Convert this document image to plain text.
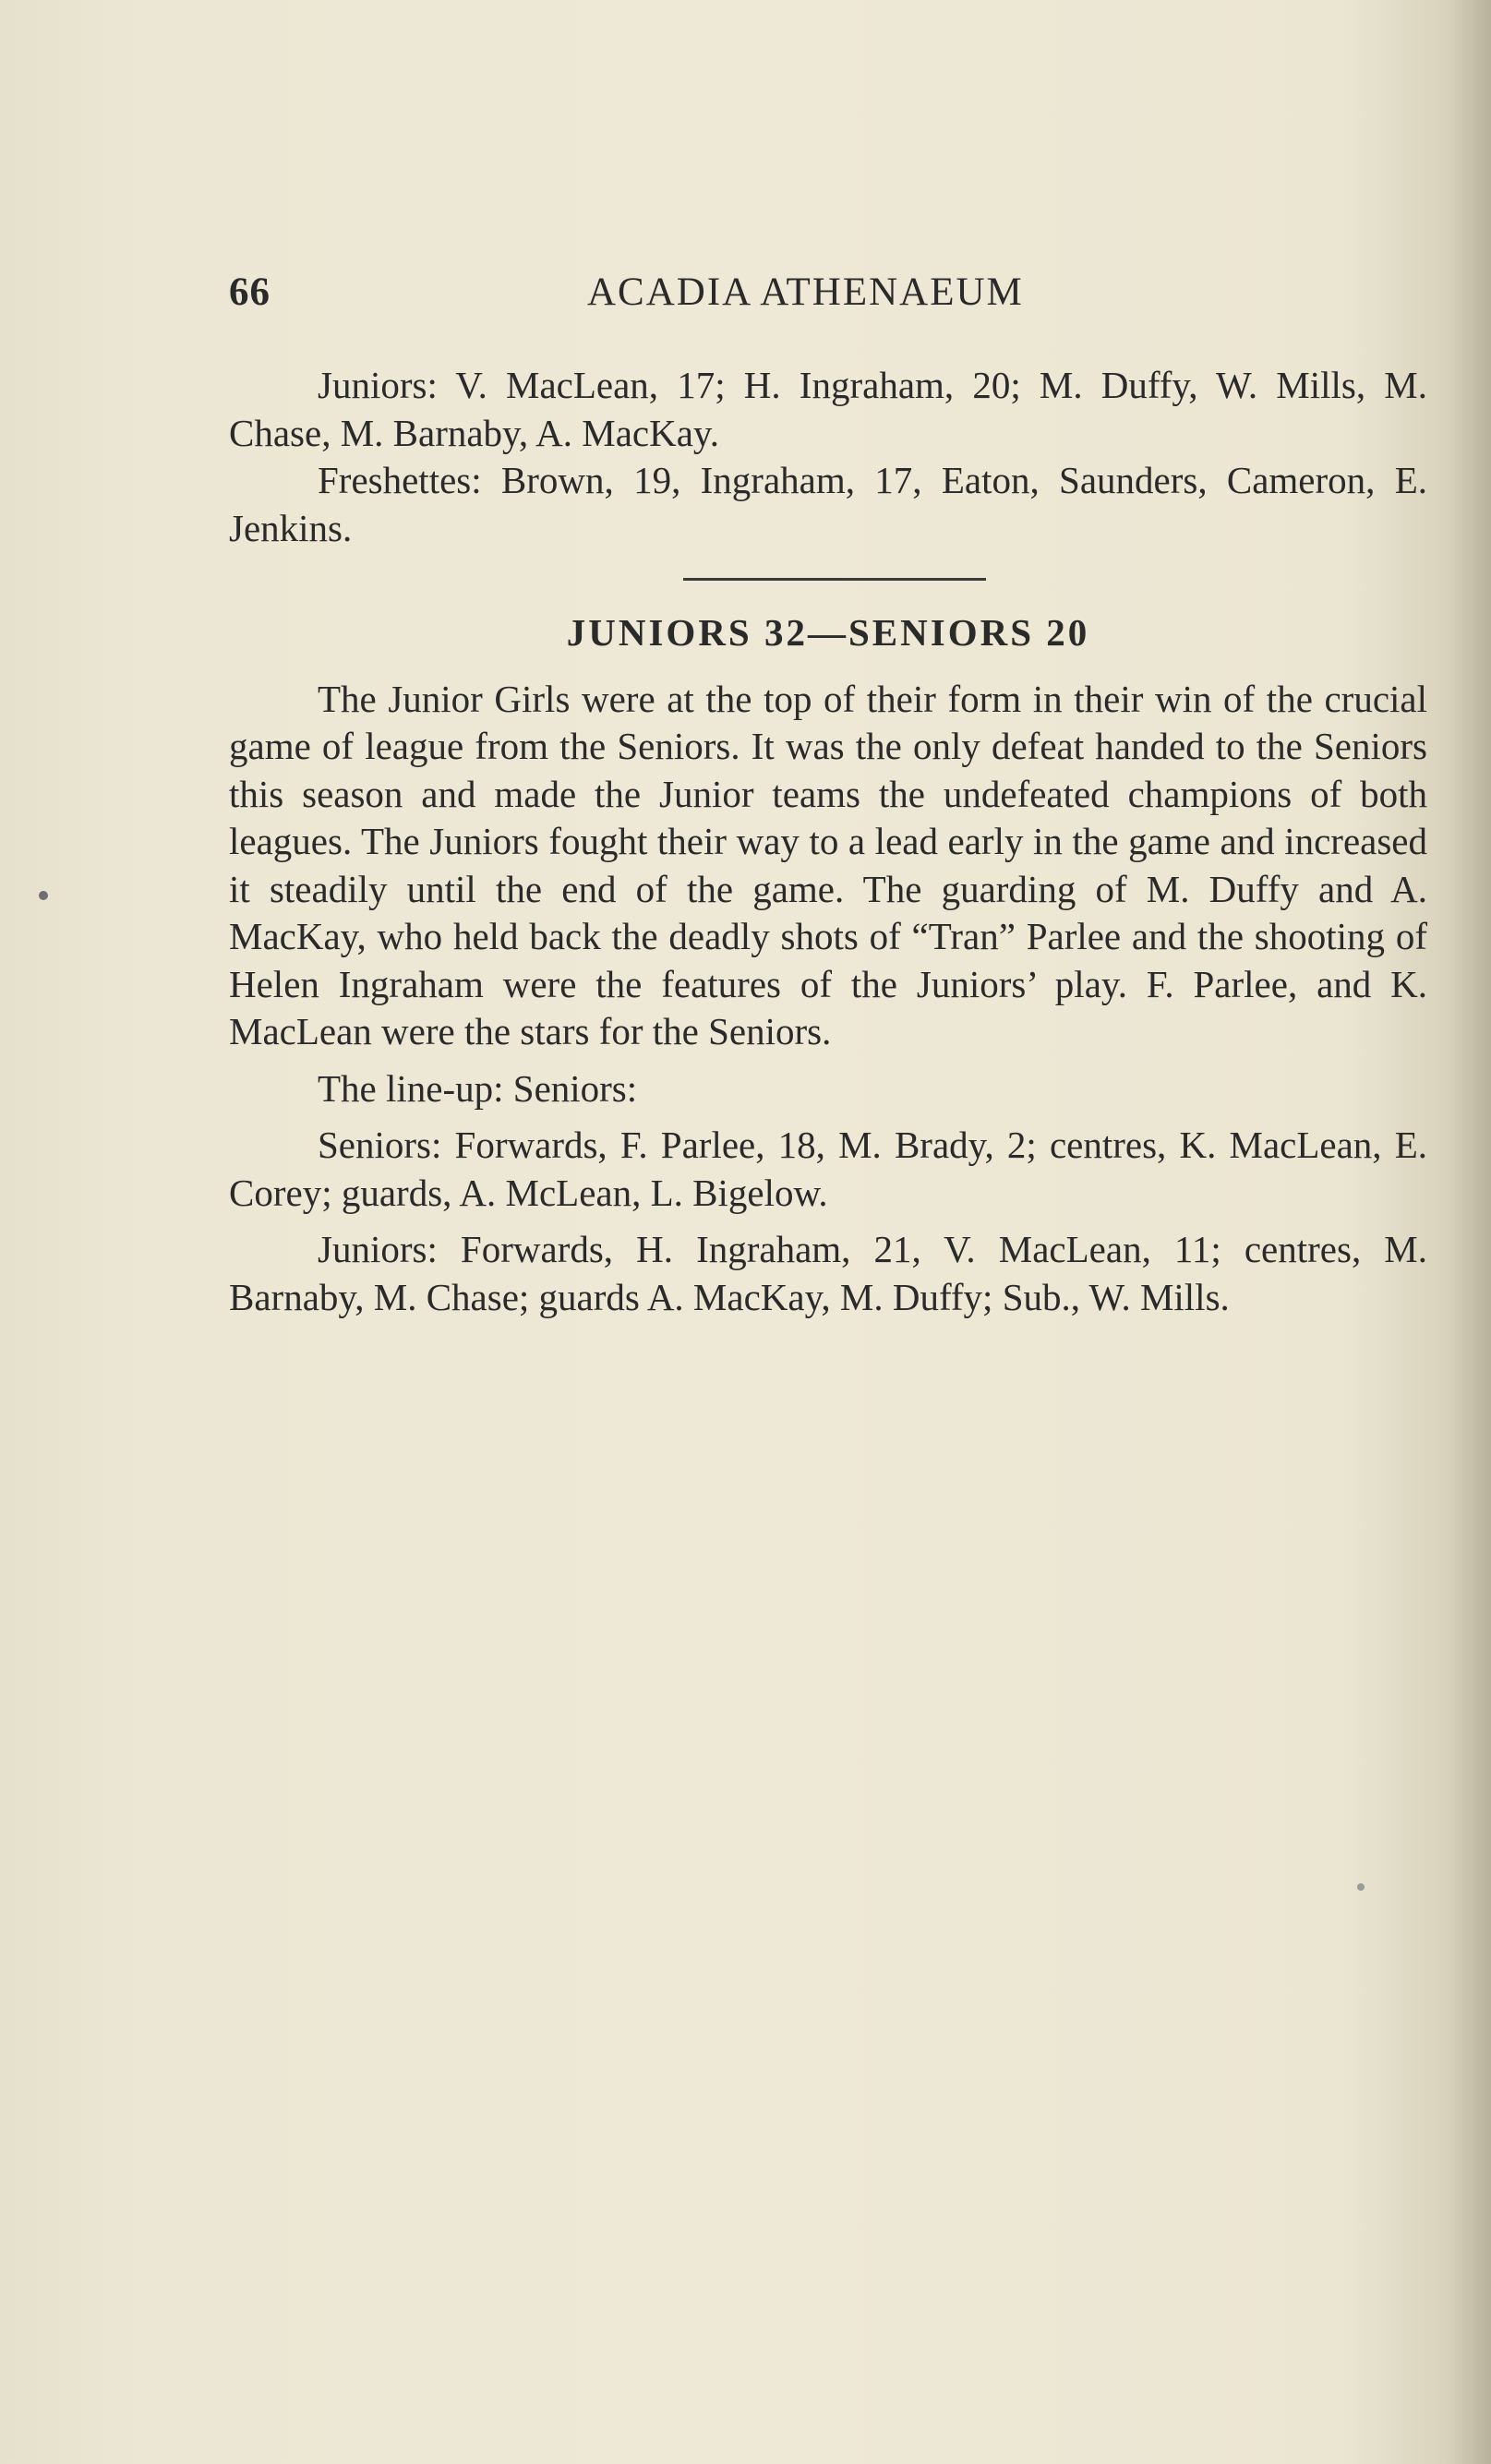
66	ACADIA ATHENAEUM

Juniors: V. MacLean, 17; H. Ingraham, 20; M. Duffy, W. Mills, M. Chase, M. Barnaby, A. MacKay.

Freshettes: Brown, 19, Ingraham, 17, Eaton, Saunders, Cameron, E. Jenkins.

JUNIORS 32—SENIORS 20

The Junior Girls were at the top of their form in their win of the crucial game of league from the Seniors. It was the only defeat handed to the Seniors this season and made the Junior teams the undefeated champions of both leagues. The Juniors fought their way to a lead early in the game and increased it steadily until the end of the game. The guarding of M. Duffy and A. MacKay, who held back the deadly shots of “Tran” Parlee and the shooting of Helen Ingraham were the features of the Juniors’ play. F. Parlee, and K. MacLean were the stars for the Seniors.

The line-up: Seniors:

Seniors: Forwards, F. Parlee, 18, M. Brady, 2; centres, K. MacLean, E. Corey; guards, A. McLean, L. Bigelow.

Juniors: Forwards, H. Ingraham, 21, V. MacLean, 11; centres, M. Barnaby, M. Chase; guards A. MacKay, M. Duffy; Sub., W. Mills.
